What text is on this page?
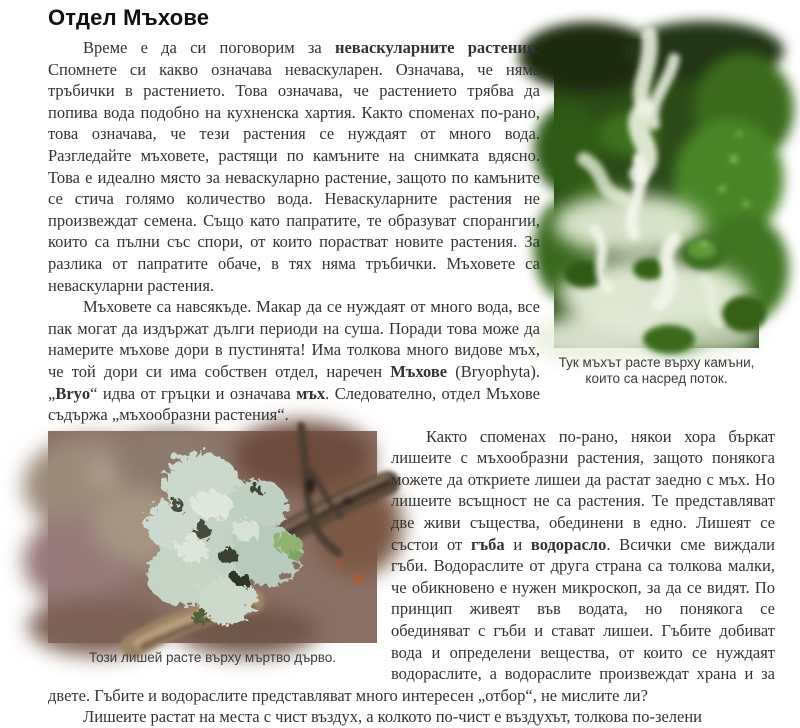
Отдел Мъхове
Тук мъхът расте върху камъни, които са насред поток.

Време е да си поговорим за неваскуларните растения. Спомнете си какво означава неваскуларен. Означава, че няма тръбички в растението. Това означава, че растението трябва да попива вода подобно на кухненска хартия. Както споменах по-рано, това означава, че тези растения се нуждаят от много вода. Разгледайте мъховете, растящи по камъните на снимката вдясно. Това е идеално място за неваскуларно растение, защото по камъните се стича голямо количество вода. Неваскуларните растения не произвеждат семена. Също като папратите, те образуват спорангии, които са пълни със спори, от които порастват новите растения. За разлика от папратите обаче, в тях няма тръбички. Мъховете са неваскуларни растения.

Мъховете са навсякъде. Макар да се нуждаят от много вода, все пак могат да издържат дълги периоди на суша. Поради това може да намерите мъхове дори в пустинята! Има толкова много видове мъх, че той дори си има собствен отдел, наречен Мъхове (Bryophyta). „Bryo“ идва от гръцки и означава мъх. Следователно, отдел Мъхове съдържа „мъхообразни растения“.

Този лишей расте върху мъртво дърво.

Както споменах по-рано, някои хора бъркат лишеите с мъхообразни растения, защото понякога можете да откриете лишеи да растат заедно с мъх. Но лишеите всъщност не са растения. Те представляват две живи същества, обединени в едно. Лишеят се състои от гъба и водорасло. Всички сме виждали гъби. Водораслите от друга страна са толкова малки, че обикновено е нужен микроскоп, за да се видят. По принцип живеят във водата, но понякога се обединяват с гъби и стават лишеи. Гъбите добиват вода и определени вещества, от които се нуждаят водораслите, а водораслите произвеждат храна и за двете. Гъбите и водораслите представляват много интересен „отбор“, не мислите ли?

Лишеите растат на места с чист въздух, а колкото по-чист е въздухът, толкова по-зелени
